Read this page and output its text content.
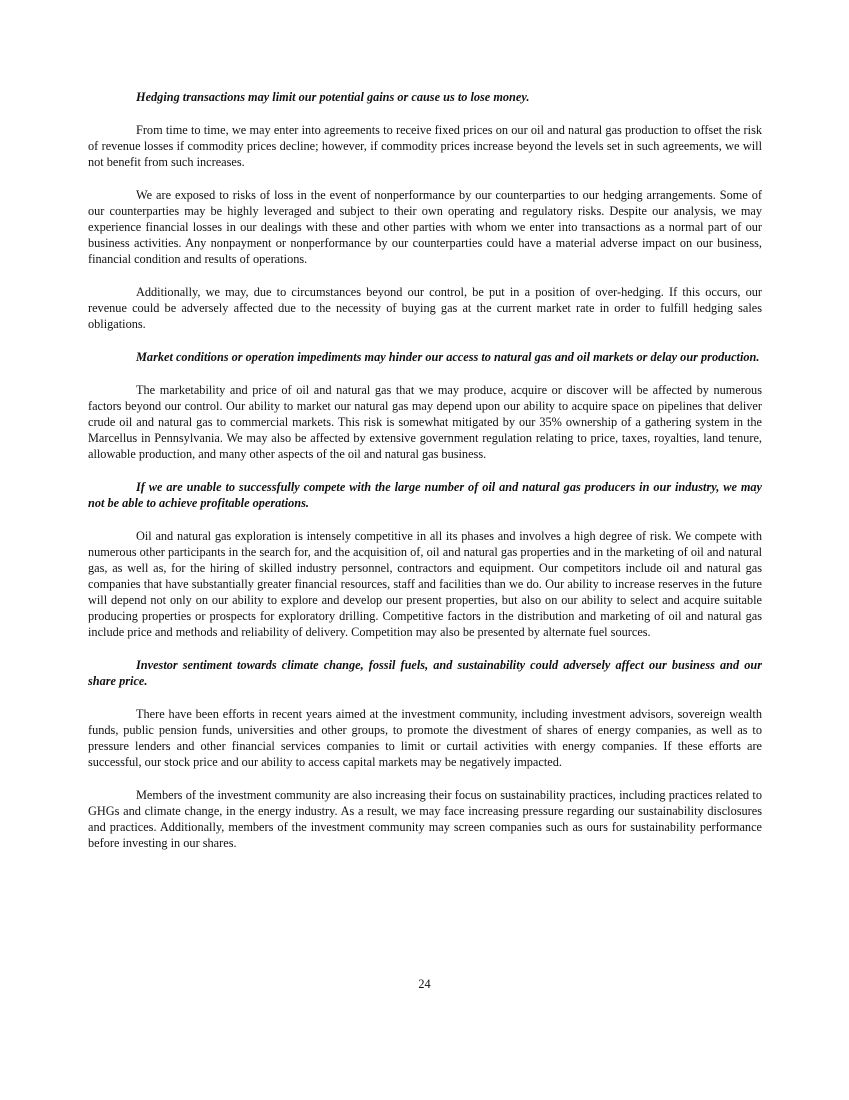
Hedging transactions may limit our potential gains or cause us to lose money.

From time to time, we may enter into agreements to receive fixed prices on our oil and natural gas production to offset the risk of revenue losses if commodity prices decline; however, if commodity prices increase beyond the levels set in such agreements, we will not benefit from such increases.

We are exposed to risks of loss in the event of nonperformance by our counterparties to our hedging arrangements. Some of our counterparties may be highly leveraged and subject to their own operating and regulatory risks. Despite our analysis, we may experience financial losses in our dealings with these and other parties with whom we enter into transactions as a normal part of our business activities. Any nonpayment or nonperformance by our counterparties could have a material adverse impact on our business, financial condition and results of operations.

Additionally, we may, due to circumstances beyond our control, be put in a position of over-hedging. If this occurs, our revenue could be adversely affected due to the necessity of buying gas at the current market rate in order to fulfill hedging sales obligations.

Market conditions or operation impediments may hinder our access to natural gas and oil markets or delay our production.

The marketability and price of oil and natural gas that we may produce, acquire or discover will be affected by numerous factors beyond our control. Our ability to market our natural gas may depend upon our ability to acquire space on pipelines that deliver crude oil and natural gas to commercial markets. This risk is somewhat mitigated by our 35% ownership of a gathering system in the Marcellus in Pennsylvania. We may also be affected by extensive government regulation relating to price, taxes, royalties, land tenure, allowable production, and many other aspects of the oil and natural gas business.

If we are unable to successfully compete with the large number of oil and natural gas producers in our industry, we may not be able to achieve profitable operations.

Oil and natural gas exploration is intensely competitive in all its phases and involves a high degree of risk. We compete with numerous other participants in the search for, and the acquisition of, oil and natural gas properties and in the marketing of oil and natural gas, as well as, for the hiring of skilled industry personnel, contractors and equipment. Our competitors include oil and natural gas companies that have substantially greater financial resources, staff and facilities than we do. Our ability to increase reserves in the future will depend not only on our ability to explore and develop our present properties, but also on our ability to select and acquire suitable producing properties or prospects for exploratory drilling. Competitive factors in the distribution and marketing of oil and natural gas include price and methods and reliability of delivery. Competition may also be presented by alternate fuel sources.

Investor sentiment towards climate change, fossil fuels, and sustainability could adversely affect our business and our share price.

There have been efforts in recent years aimed at the investment community, including investment advisors, sovereign wealth funds, public pension funds, universities and other groups, to promote the divestment of shares of energy companies, as well as to pressure lenders and other financial services companies to limit or curtail activities with energy companies. If these efforts are successful, our stock price and our ability to access capital markets may be negatively impacted.

Members of the investment community are also increasing their focus on sustainability practices, including practices related to GHGs and climate change, in the energy industry. As a result, we may face increasing pressure regarding our sustainability disclosures and practices. Additionally, members of the investment community may screen companies such as ours for sustainability performance before investing in our shares.

24
